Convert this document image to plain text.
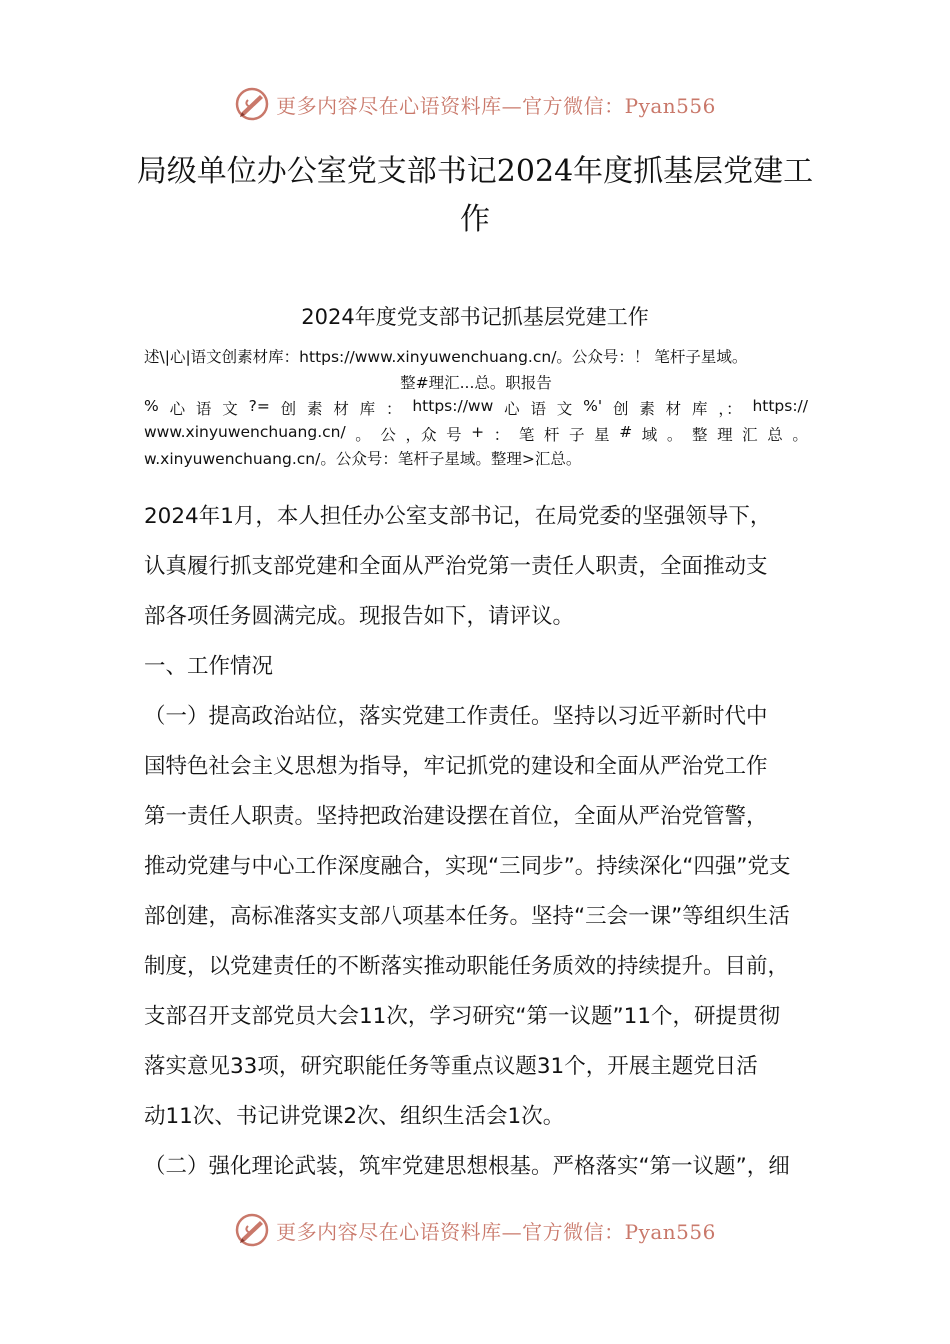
更多内容尽在心语资料库—官方微信：Pyan556
局级单位办公室党支部书记2024年度抓基层党建工
作
2024年度党支部书记抓基层党建工作
述\|心|语文创素材库：https://www.xinyuwenchuang.cn/。公众号：！ 笔杆子星域。
整#理汇...总。职报告
% 心 语 文 ?= 创 素 材 库 ： https://ww 心 语 文 %' 创 素 材 库 ，： https://
www.xinyuwenchuang.cn/ 。 公 ，众 号 + ： 笔 杆 子 星 # 域 。 整 理 汇 总 。
w.xinyuwenchuang.cn/。公众号：笔杆子星域。整理>汇总。

2024年1月，本人担任办公室支部书记，在局党委的坚强领导下，

认真履行抓支部党建和全面从严治党第一责任人职责，全面推动支

部各项任务圆满完成。现报告如下，请评议。

一、工作情况

（一）提高政治站位，落实党建工作责任。坚持以习近平新时代中

国特色社会主义思想为指导，牢记抓党的建设和全面从严治党工作

第一责任人职责。坚持把政治建设摆在首位，全面从严治党管警，

推动党建与中心工作深度融合，实现“三同步”。持续深化“四强”党支

部创建，高标准落实支部八项基本任务。坚持“三会一课”等组织生活

制度，以党建责任的不断落实推动职能任务质效的持续提升。目前，

支部召开支部党员大会11次，学习研究“第一议题”11个，研提贯彻

落实意见33项，研究职能任务等重点议题31个，开展主题党日活

动11次、书记讲党课2次、组织生活会1次。

（二）强化理论武装，筑牢党建思想根基。严格落实“第一议题”，细

更多内容尽在心语资料库—官方微信：Pyan556
